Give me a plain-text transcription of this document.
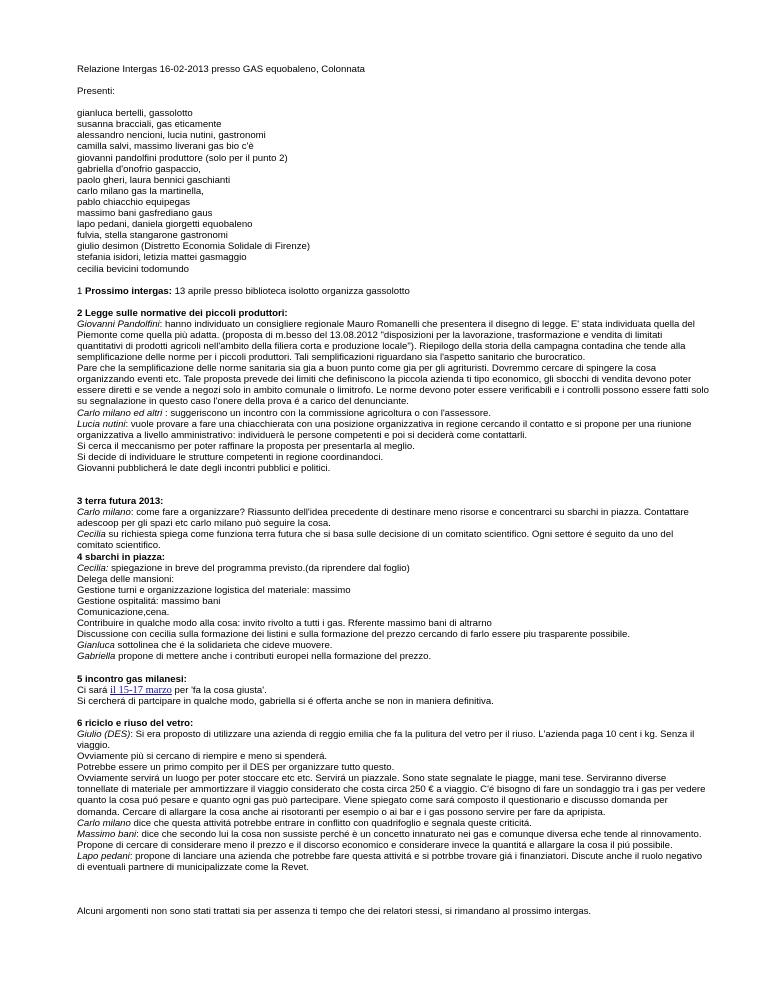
Relazione Intergas 16-02-2013 presso GAS equobaleno, Colonnata

Presenti:

gianluca bertelli, gassolotto

susanna bracciali, gas eticamente

alessandro nencioni, lucia nutini, gastronomi

camilla salvi, massimo liverani gas bio c'è

giovanni pandolfini produttore (solo per il punto 2)

gabriella d'onofrio gaspaccio,

paolo gheri, laura bennici gaschianti

carlo milano gas la martinella,

pablo chiacchio equipegas

massimo bani gasfrediano gaus

lapo pedani, daniela giorgetti equobaleno

fulvia, stella stangarone gastronomi

giulio desimon (Distretto Economia Solidale di Firenze)

stefania isidori, letizia mattei gasmaggio

cecilia bevicini todomundo

1 Prossimo intergas: 13 aprile presso biblioteca isolotto organizza gassolotto

2 Legge sulle normative dei piccoli produttori:

Giovanni Pandolfini: hanno individuato un consigliere regionale Mauro Romanelli che presentera il disegno di legge. E' stata individuata quella del Piemonte come quella più adatta. (proposta di m.besso del 13.08.2012 "disposizioni per la lavorazione, trasformazione e vendita di limitati quantitativi di prodotti agricoli nell'ambito della filiera corta e produzione locale"). Riepilogo della storia della campagna contadina che tende alla semplificazione delle norme per i piccoli produttori. Tali semplificazioni riguardano sia l'aspetto sanitario che burocratico.

Pare che la semplificazione delle norme sanitaria sia gia a buon punto come gia per gli agrituristi. Dovremmo cercare di spingere la cosa organizzando eventi etc. Tale proposta prevede dei limiti che definiscono la piccola azienda ti tipo economico, gli sbocchi di vendita devono poter essere diretti e se vende a negozi solo in ambito comunale o limitrofo. Le norme devono poter essere verificabili e i controlli possono essere fatti solo su segnalazione in questo caso l'onere della prova é a carico del denunciante.

Carlo milano ed altri : suggeriscono un incontro con la commissione agricoltura o con l'assessore.

Lucia nutini: vuole provare a fare una chiacchierata con una posizione organizzativa in regione cercando il contatto e si propone per una riunione organizzativa a livello amministrativo: individuerà le persone competenti e poi si deciderà come contattarli.

Si cerca il meccanismo per poter raffinare la proposta per presentarla al meglio.

Si decide di individuare le strutture competenti in regione coordinandoci.

Giovanni pubblicherá le date degli incontri pubblici e politici.

3 terra futura 2013:

Carlo milano: come fare a organizzare? Riassunto dell'idea precedente di destinare meno risorse e concentrarci su sbarchi in piazza. Contattare adescoop per gli spazi etc carlo milano può seguire la cosa.

Cecilia su richiesta spiega come funziona terra futura che si basa sulle decisione di un comitato scientifico. Ogni settore é seguito da uno del comitato scientifico.

4 sbarchi in piazza:

Cecilia: spiegazione in breve del programma previsto.(da riprendere dal foglio)

Delega delle mansioni:

Gestione turni e organizzazione logistica del materiale: massimo

Gestione ospitalitá: massimo bani

Comunicazione,cena.

Contribuire in qualche modo alla cosa: invito rivolto a tutti i gas. Rferente massimo bani di altrarno

Discussione con cecilia sulla formazione dei listini e sulla formazione del prezzo cercando di farlo essere piu trasparente possibile.

Gianluca sottolinea che é la solidarieta che cideve muovere.

Gabriella propone di mettere anche i contributi europei nella formazione del prezzo.

5 incontro gas milanesi:

Ci sará il 15-17 marzo per 'fa la cosa giusta'.

Si cercherá di partcipare in qualche modo, gabriella si é offerta anche se non in maniera definitiva.

6 riciclo e riuso del vetro:

Giulio (DES): Si era proposto di utilizzare una azienda di reggio emilia che fa la pulitura del vetro per il riuso. L'azienda paga 10 cent i kg. Senza il viaggio.

Ovviamente più si cercano di riempire e meno si spenderá.

Potrebbe essere un primo compito per il DES per organizzare tutto questo.

Ovviamente servirá un luogo per poter stoccare etc etc. Servirá un piazzale. Sono state segnalate le piagge, mani tese. Serviranno diverse tonnellate di materiale per ammortizzare il viaggio considerato che costa circa 250 € a viaggio. C'é bisogno di fare un sondaggio tra i gas per vedere quanto la cosa puó pesare e quanto ogni gas può partecipare. Viene spiegato come sará composto il questionario e discusso domanda per domanda. Cercare di allargare la cosa anche ai risotoranti per esempio o ai bar e i gas possono servire per fare da apripista.

Carlo milano dice che questa attivitá potrebbe entrare in conflitto con quadrifoglio e segnala queste criticitá.

Massimo bani: dice che secondo lui la cosa non sussiste perché è un concetto innaturato nei gas e comunque diversa eche tende al rinnovamento.

Propone di cercare di considerare meno il prezzo e il discorso economico e considerare invece la quantitá e allargare la cosa il piú possibile.

Lapo pedani: propone di lanciare una azienda che potrebbe fare questa attivitá e si potrbbe trovare giá i finanziatori. Discute anche il ruolo negativo di eventuali partnere di municipalizzate come la Revet.

Alcuni argomenti non sono stati trattati sia per assenza ti tempo che dei relatori stessi, si rimandano al prossimo intergas.
